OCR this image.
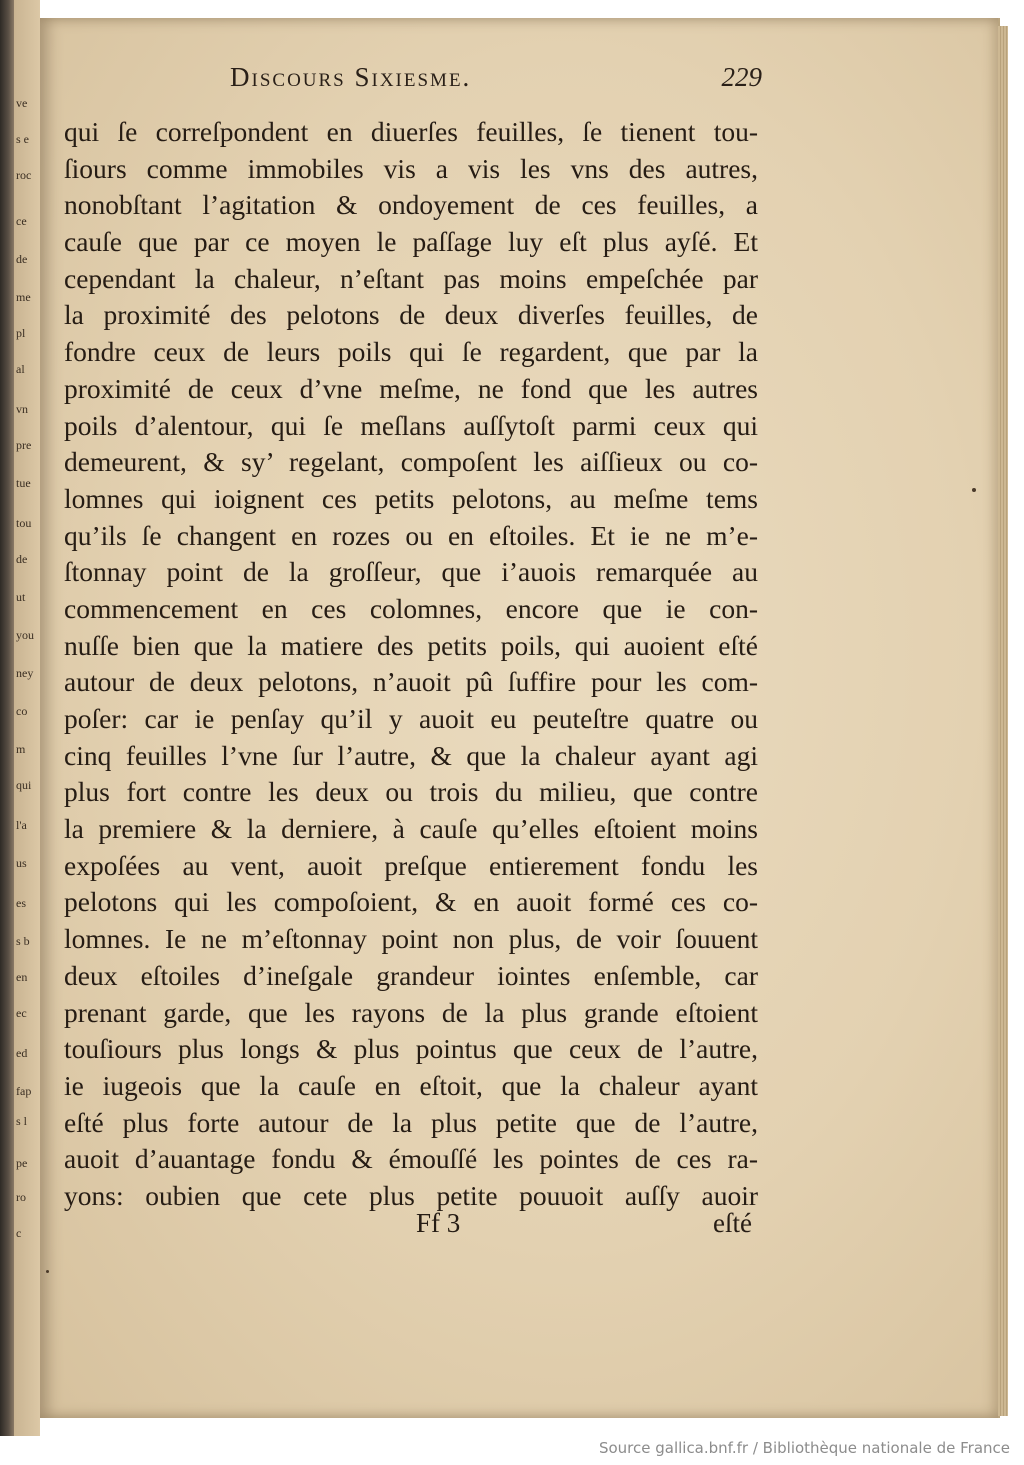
ve
s e
roc
ce
de
me
pl
al
vn
pre
tue
tou
de
ut
you
ney
co
m
qui
l'a
us
es
s b
en
ec
ed
fap
s l
pe
ro
c
Discours Sixiesme.	229
qui ſe correſpondent en diuerſes feuilles, ſe tienent tou-
ſiours comme immobiles vis a vis les vns des autres,
nonobſtant l’agitation & ondoyement de ces feuilles, a
cauſe que par ce moyen le paſſage luy eſt plus ayſé. Et
cependant la chaleur, n’eſtant pas moins empeſchée par
la proximité des pelotons de deux diverſes feuilles, de
fondre ceux de leurs poils qui ſe regardent, que par la
proximité de ceux d’vne meſme, ne fond que les autres
poils d’alentour, qui ſe meſlans auſſytoſt parmi ceux qui
demeurent, & sy’ regelant, compoſent les aiſſieux ou co-
lomnes qui ioignent ces petits pelotons, au meſme tems
qu’ils ſe changent en rozes ou en eſtoiles. Et ie ne m’e-
ſtonnay point de la groſſeur, que i’auois remarquée au
commencement en ces colomnes, encore que ie con-
nuſſe bien que la matiere des petits poils, qui auoient eſté
autour de deux pelotons, n’auoit pû ſuffire pour les com-
poſer: car ie penſay qu’il y auoit eu peuteſtre quatre ou
cinq feuilles l’vne ſur l’autre, & que la chaleur ayant agi
plus fort contre les deux ou trois du milieu, que contre
la premiere & la derniere, à cauſe qu’elles eſtoient moins
expoſées au vent, auoit preſque entierement fondu les
pelotons qui les compoſoient, & en auoit formé ces co-
lomnes. Ie ne m’eſtonnay point non plus, de voir ſouuent
deux eſtoiles d’ineſgale grandeur iointes enſemble, car
prenant garde, que les rayons de la plus grande eſtoient
touſiours plus longs & plus pointus que ceux de l’autre,
ie iugeois que la cauſe en eſtoit, que la chaleur ayant
eſté plus forte autour de la plus petite que de l’autre,
auoit d’auantage fondu & émouſſé les pointes de ces ra-
yons: oubien que cete plus petite pouuoit auſſy auoir
Ff 3	eſté
Source gallica.bnf.fr / Bibliothèque nationale de France
